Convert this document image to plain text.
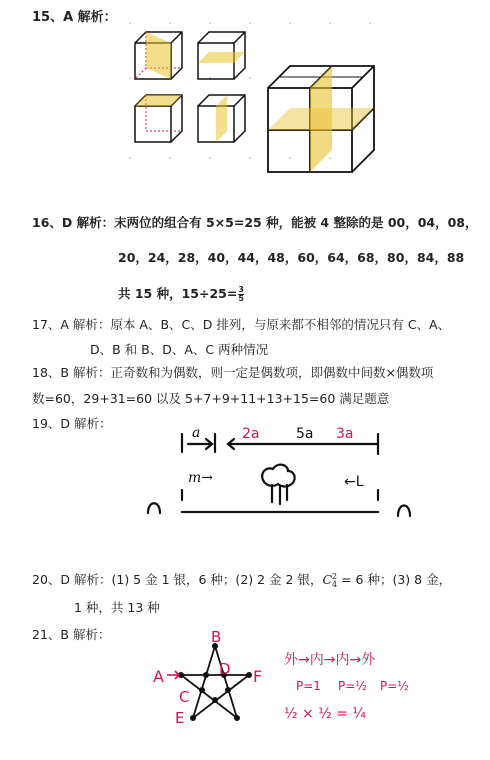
15、A 解析：
16、D 解析：末两位的组合有 5×5=25 种，能被 4 整除的是 00，04，08，
20，24，28，40，44，48，60，64，68，80，84，88
共 15 种，$15\div 25= \frac{3}{5}$
17、A 解析：原本 A、B、C、D 排列，与原来都不相邻的情况只有 C、A、
D、B 和 B、D、A、C 两种情况
18、B 解析：正奇数和为偶数，则一定是偶数项，即偶数中间数×偶数项
数=60，29+31=60 以及 5+7+9+11+13+15=60 满足题意
19、D 解析：
a	2a	5a 3a
m→	←L
20、D 解析：(1) 5 金 1 银，6 种；(2) 2 金 2 银，C 2
4 = 6 种；(3) 8 金，
1 种，共 13 种
21、B 解析：
A
B
C
D
E
F
外→内→内→外
P=1 P=½ P=½
½ × ½ = ¼
